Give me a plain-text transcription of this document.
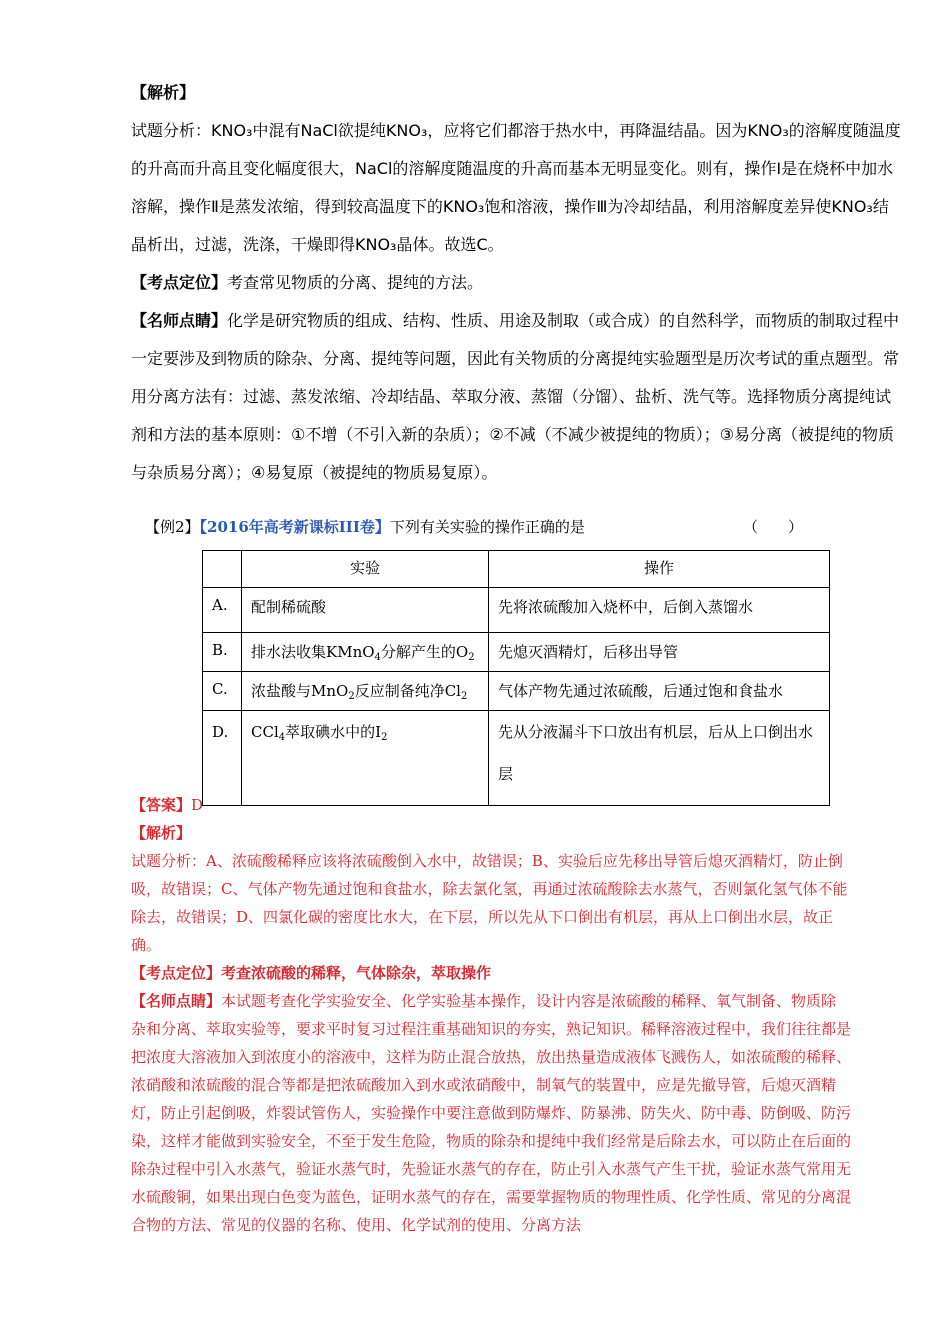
【解析】

试题分析：KNO₃中混有NaCl欲提纯KNO₃，应将它们都溶于热水中，再降温结晶。因为KNO₃的溶解度随温度的升高而升高且变化幅度很大，NaCl的溶解度随温度的升高而基本无明显变化。则有，操作Ⅰ是在烧杯中加水溶解，操作Ⅱ是蒸发浓缩，得到较高温度下的KNO₃饱和溶液，操作Ⅲ为冷却结晶，利用溶解度差异使KNO₃结晶析出，过滤，洗涤，干燥即得KNO₃晶体。故选C。

【考点定位】考查常见物质的分离、提纯的方法。

【名师点睛】化学是研究物质的组成、结构、性质、用途及制取（或合成）的自然科学，而物质的制取过程中一定要涉及到物质的除杂、分离、提纯等问题，因此有关物质的分离提纯实验题型是历次考试的重点题型。常用分离方法有：过滤、蒸发浓缩、冷却结晶、萃取分液、蒸馏（分馏）、盐析、洗气等。选择物质分离提纯试剂和方法的基本原则：①不增（不引入新的杂质）；②不减（不减少被提纯的物质）；③易分离（被提纯的物质与杂质易分离）；④易复原（被提纯的物质易复原）。

【例2】【2016年高考新课标III卷】下列有关实验的操作正确的是	（　　）
	实验	操作
A.	配制稀硫酸	先将浓硫酸加入烧杯中，后倒入蒸馏水
B.	排水法收集KMnO$_4$分解产生的$O_2$	先熄灭酒精灯，后移出导管
C.	浓盐酸与MnO$_2$反应制备纯净$Cl_2$	气体产物先通过浓硫酸，后通过饱和食盐水
D.	CCl$_4$萃取碘水中的$I_2$	先从分液漏斗下口放出有机层，后从上口倒出水层

【答案】D

【解析】

试题分析：A、浓硫酸稀释应该将浓硫酸倒入水中，故错误；B、实验后应先移出导管后熄灭酒精灯，防止倒吸，故错误；C、气体产物先通过饱和食盐水，除去氯化氢，再通过浓硫酸除去水蒸气，否则氯化氢气体不能除去，故错误；D、四氯化碳的密度比水大，在下层，所以先从下口倒出有机层，再从上口倒出水层，故正确。

【考点定位】考查浓硫酸的稀释，气体除杂，萃取操作

【名师点睛】本试题考查化学实验安全、化学实验基本操作，设计内容是浓硫酸的稀释、氧气制备、物质除杂和分离、萃取实验等，要求平时复习过程注重基础知识的夯实，熟记知识。稀释溶液过程中，我们往往都是把浓度大溶液加入到浓度小的溶液中，这样为防止混合放热，放出热量造成液体飞溅伤人，如浓硫酸的稀释、浓硝酸和浓硫酸的混合等都是把浓硫酸加入到水或浓硝酸中，制氧气的装置中，应是先撤导管，后熄灭酒精灯，防止引起倒吸，炸裂试管伤人，实验操作中要注意做到防爆炸、防暴沸、防失火、防中毒、防倒吸、防污染，这样才能做到实验安全，不至于发生危险，物质的除杂和提纯中我们经常是后除去水，可以防止在后面的除杂过程中引入水蒸气，验证水蒸气时，先验证水蒸气的存在，防止引入水蒸气产生干扰，验证水蒸气常用无水硫酸铜，如果出现白色变为蓝色，证明水蒸气的存在，需要掌握物质的物理性质、化学性质、常见的分离混合物的方法、常见的仪器的名称、使用、化学试剂的使用、分离方法
